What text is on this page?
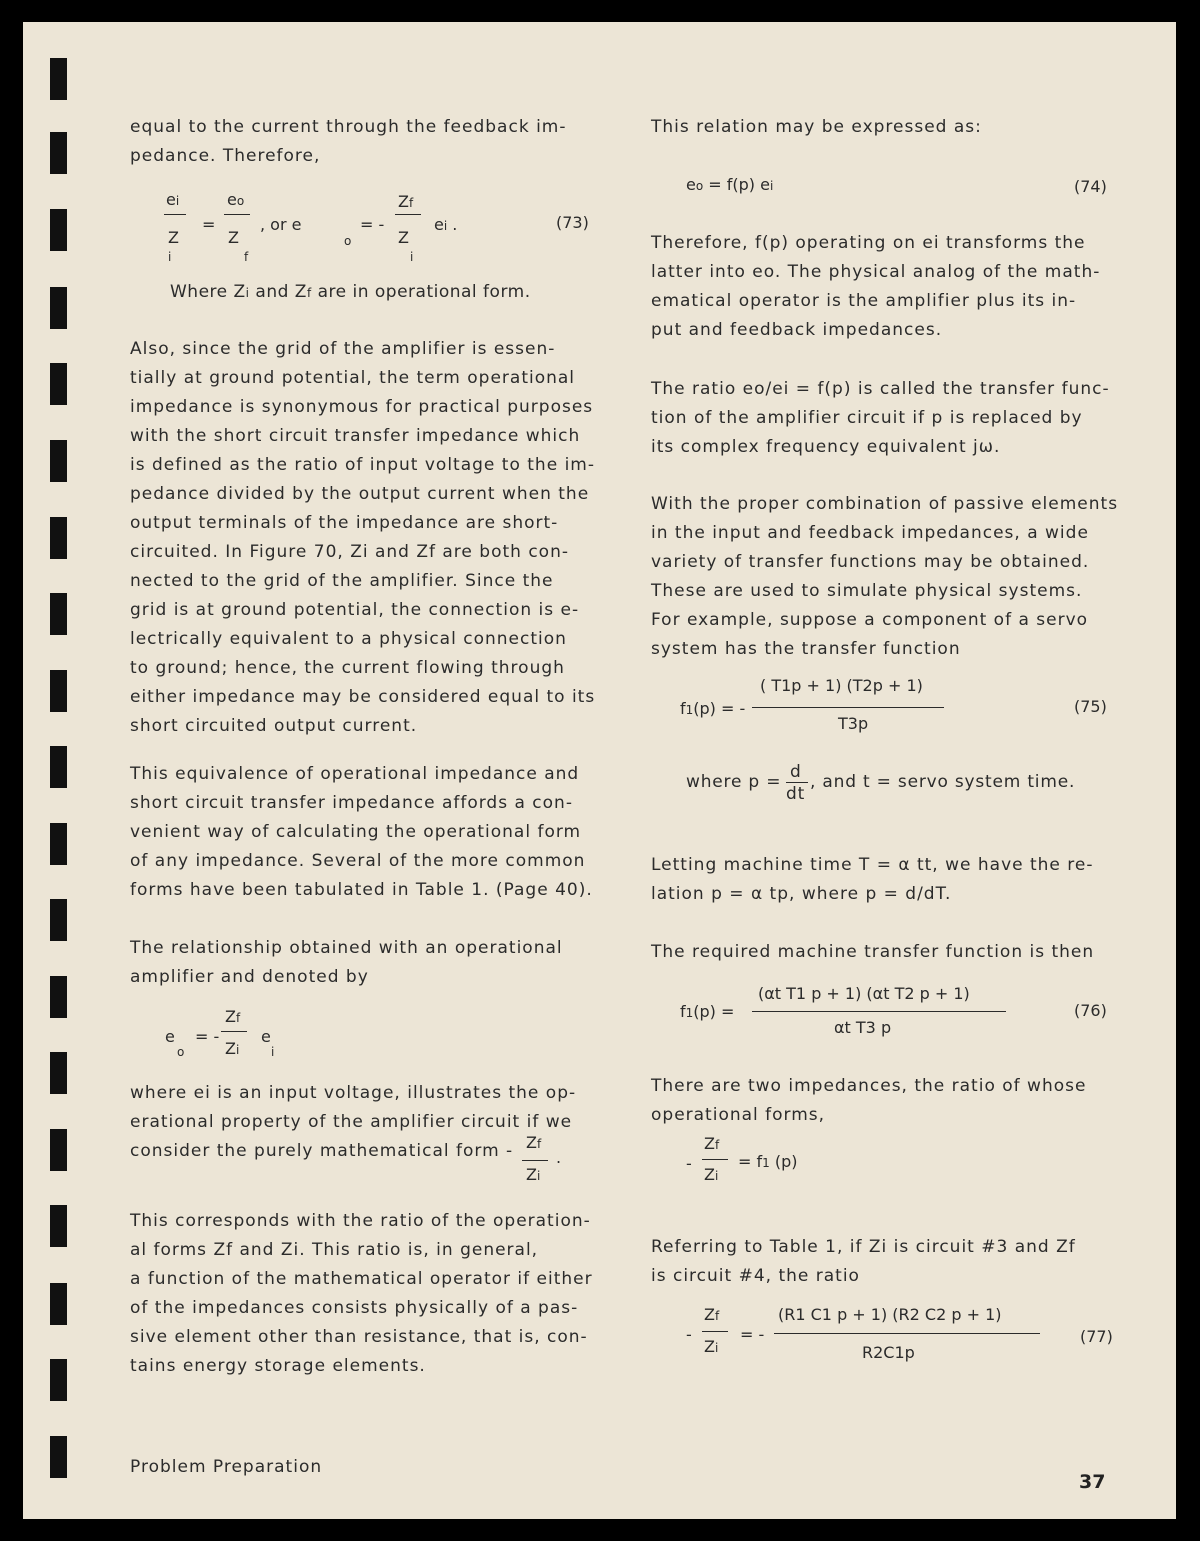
equal to the current through the feedback im-
pedance. Therefore,
Also, since the grid of the amplifier is essen-
tially at ground potential, the term operational
impedance is synonymous for practical purposes
with the short circuit transfer impedance which
is defined as the ratio of input voltage to the im-
pedance divided by the output current when the
output terminals of the impedance are short-
circuited. In Figure 70, Zi and Zf are both con-
nected to the grid of the amplifier. Since the
grid is at ground potential, the connection is e-
lectrically equivalent to a physical connection
to ground; hence, the current flowing through
either impedance may be considered equal to its
short circuited output current.
This equivalence of operational impedance and
short circuit transfer impedance affords a con-
venient way of calculating the operational form
of any impedance. Several of the more common
forms have been tabulated in Table 1. (Page 40).
The relationship obtained with an operational
amplifier and denoted by
where ei is an input voltage, illustrates the op-
erational property of the amplifier circuit if we
consider the purely mathematical form -
This corresponds with the ratio of the operation-
al forms Zf and Zi. This ratio is, in general,
a function of the mathematical operator if either
of the impedances consists physically of a pas-
sive element other than resistance, that is, con-
tains energy storage elements.
ei
Z
i
=
eo
Z
f
, or e
o
= -
Zf
Z
i
ei .	(73)
Where Zi and Zf are in operational form.
e
o
= -
Zf
Zi
e
i
Zf
Zi
.
This relation may be expressed as:
Therefore, f(p) operating on ei transforms the
latter into eo. The physical analog of the math-
ematical operator is the amplifier plus its in-
put and feedback impedances.
The ratio eo/ei = f(p) is called the transfer func-
tion of the amplifier circuit if p is replaced by
its complex frequency equivalent jω.
With the proper combination of passive elements
in the input and feedback impedances, a wide
variety of transfer functions may be obtained.
These are used to simulate physical systems.
For example, suppose a component of a servo
system has the transfer function
Letting machine time T = α tt, we have the re-
lation p = α tp, where p = d/dT.
The required machine transfer function is then
There are two impedances, the ratio of whose
operational forms,
Referring to Table 1, if Zi is circuit #3 and Zf
is circuit #4, the ratio
eo = f(p) ei	(74)
f1(p) = -
( T1p + 1) (T2p + 1)
T3p
(75)
where p = d
dt
, and t = servo system time.
f1(p) =
(αt T1 p + 1) (αt T2 p + 1)
αt T3 p
(76)
-
Zf
Zi
= f1 (p)
-
Zf
Zi
= -
(R1 C1 p + 1) (R2 C2 p + 1)
R2C1p
(77)
Problem Preparation
37
